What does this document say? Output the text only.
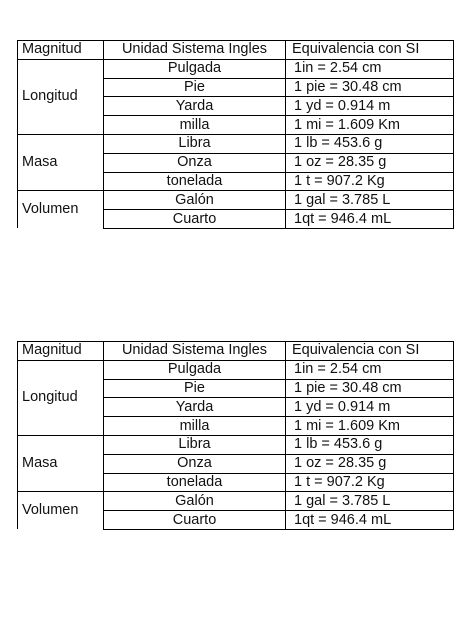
Magnitud	Unidad Sistema Ingles	Equivalencia con SI
Longitud	Pulgada	1in = 2.54 cm
	Pie	1 pie = 30.48 cm
	Yarda	1 yd = 0.914 m
	milla	1 mi = 1.609 Km
Masa	Libra	1 lb = 453.6 g
	Onza	1 oz = 28.35 g
	tonelada	1 t = 907.2 Kg
Volumen	Galón	1 gal = 3.785 L
	Cuarto	1qt = 946.4 mL
Magnitud	Unidad Sistema Ingles	Equivalencia con SI
Longitud	Pulgada	1in = 2.54 cm
	Pie	1 pie = 30.48 cm
	Yarda	1 yd = 0.914 m
	milla	1 mi = 1.609 Km
Masa	Libra	1 lb = 453.6 g
	Onza	1 oz = 28.35 g
	tonelada	1 t = 907.2 Kg
Volumen	Galón	1 gal = 3.785 L
	Cuarto	1qt = 946.4 mL
